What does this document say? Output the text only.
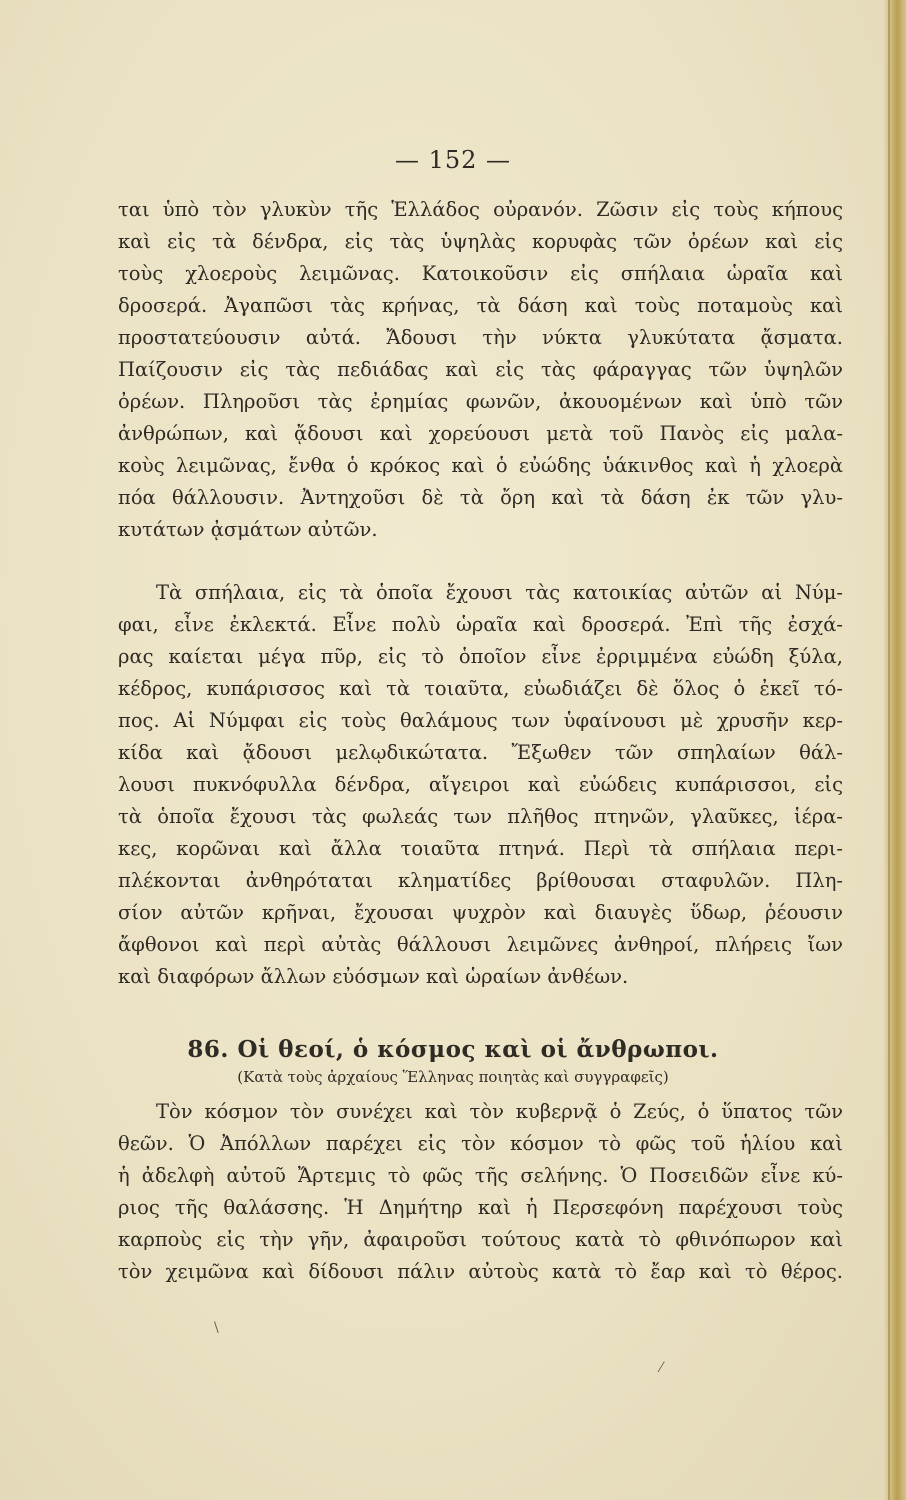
— 152 —
ται ὑπὸ τὸν γλυκὺν τῆς Ἑλλάδος οὐρανόν. Ζῶσιν εἰς τοὺς κήπους
καὶ εἰς τὰ δένδρα, εἰς τὰς ὑψηλὰς κορυφὰς τῶν ὀρέων καὶ εἰς
τοὺς χλοεροὺς λειμῶνας. Κατοικοῦσιν εἰς σπήλαια ὡραῖα καὶ
δροσερά. Ἀγαπῶσι τὰς κρήνας, τὰ δάση καὶ τοὺς ποταμοὺς καὶ
προστατεύουσιν αὐτά. Ἄδουσι τὴν νύκτα γλυκύτατα ᾄσματα.
Παίζουσιν εἰς τὰς πεδιάδας καὶ εἰς τὰς φάραγγας τῶν ὑψηλῶν
ὀρέων. Πληροῦσι τὰς ἐρημίας φωνῶν, ἀκουομένων καὶ ὑπὸ τῶν
ἀνθρώπων, καὶ ᾄδουσι καὶ χορεύουσι μετὰ τοῦ Πανὸς εἰς μαλα-
κοὺς λειμῶνας, ἔνθα ὁ κρόκος καὶ ὁ εὐώδης ὑάκινθος καὶ ἡ χλοερὰ
πόα θάλλουσιν. Ἀντηχοῦσι δὲ τὰ ὄρη καὶ τὰ δάση ἐκ τῶν γλυ-
κυτάτων ᾀσμάτων αὐτῶν.
Τὰ σπήλαια, εἰς τὰ ὁποῖα ἔχουσι τὰς κατοικίας αὐτῶν αἱ Νύμ-
φαι, εἶνε ἐκλεκτά. Εἶνε πολὺ ὡραῖα καὶ δροσερά. Ἐπὶ τῆς ἐσχά-
ρας καίεται μέγα πῦρ, εἰς τὸ ὁποῖον εἶνε ἐρριμμένα εὐώδη ξύλα,
κέδρος, κυπάρισσος καὶ τὰ τοιαῦτα, εὐωδιάζει δὲ ὅλος ὁ ἐκεῖ τό-
πος. Αἱ Νύμφαι εἰς τοὺς θαλάμους των ὑφαίνουσι μὲ χρυσῆν κερ-
κίδα καὶ ᾄδουσι μελῳδικώτατα. Ἔξωθεν τῶν σπηλαίων θάλ-
λουσι πυκνόφυλλα δένδρα, αἴγειροι καὶ εὐώδεις κυπάρισσοι, εἰς
τὰ ὁποῖα ἔχουσι τὰς φωλεάς των πλῆθος πτηνῶν, γλαῦκες, ἱέρα-
κες, κορῶναι καὶ ἄλλα τοιαῦτα πτηνά. Περὶ τὰ σπήλαια περι-
πλέκονται ἀνθηρόταται κληματίδες βρίθουσαι σταφυλῶν. Πλη-
σίον αὐτῶν κρῆναι, ἔχουσαι ψυχρὸν καὶ διαυγὲς ὕδωρ, ῥέουσιν
ἄφθονοι καὶ περὶ αὐτὰς θάλλουσι λειμῶνες ἀνθηροί, πλήρεις ἴων
καὶ διαφόρων ἄλλων εὐόσμων καὶ ὡραίων ἀνθέων.
86. Οἱ θεοί, ὁ κόσμος καὶ οἱ ἄνθρωποι.
(Κατὰ τοὺς ἀρχαίους Ἕλληνας ποιητὰς καὶ συγγραφεῖς)
Τὸν κόσμον τὸν συνέχει καὶ τὸν κυβερνᾷ ὁ Ζεύς, ὁ ὕπατος τῶν
θεῶν. Ὁ Ἀπόλλων παρέχει εἰς τὸν κόσμον τὸ φῶς τοῦ ἡλίου καὶ
ἡ ἀδελφὴ αὐτοῦ Ἄρτεμις τὸ φῶς τῆς σελήνης. Ὁ Ποσειδῶν εἶνε κύ-
ριος τῆς θαλάσσης. Ἡ Δημήτηρ καὶ ἡ Περσεφόνη παρέχουσι τοὺς
καρποὺς εἰς τὴν γῆν, ἀφαιροῦσι τούτους κατὰ τὸ φθινόπωρον καὶ
τὸν χειμῶνα καὶ δίδουσι πάλιν αὐτοὺς κατὰ τὸ ἔαρ καὶ τὸ θέρος.
\
⁄
